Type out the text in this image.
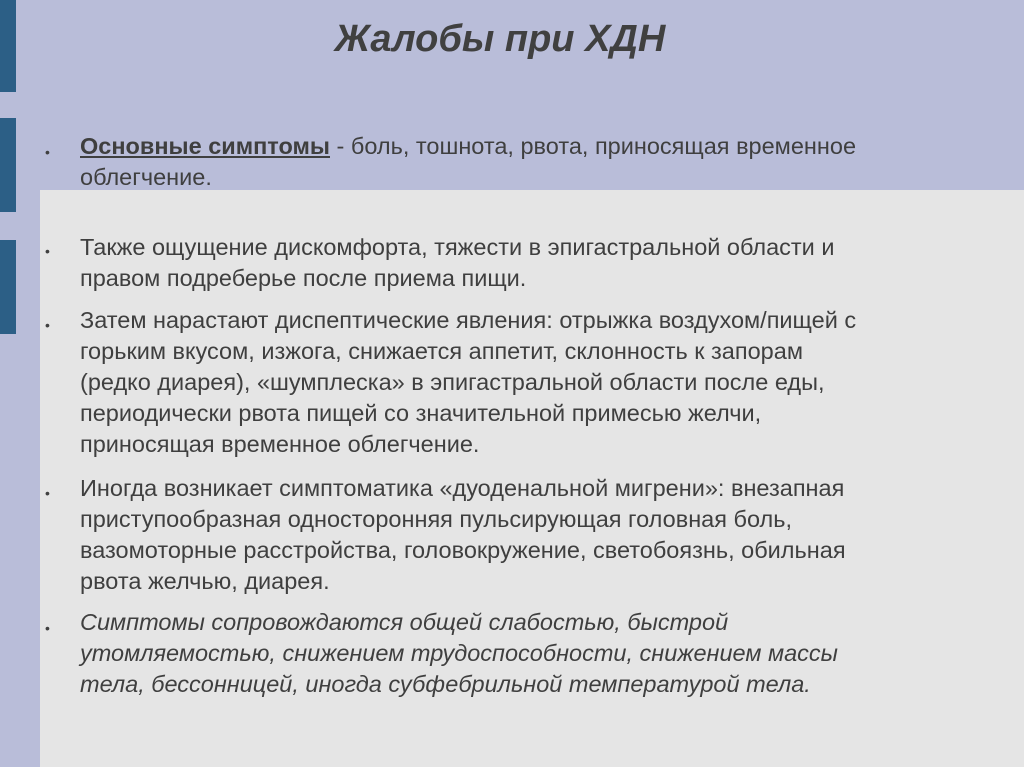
Жалобы при ХДН
• Основные симптомы - боль, тошнота, рвота, приносящая временное
облегчение.
• Также ощущение дискомфорта, тяжести в эпигастральной области и
правом подреберье после приема пищи.
• Затем нарастают диспептические явления: отрыжка воздухом/пищей с
горьким вкусом, изжога, снижается аппетит, склонность к запорам
(редко диарея), «шумплеска» в эпигастральной области после еды,
периодически рвота пищей со значительной примесью желчи,
приносящая временное облегчение.
• Иногда возникает симптоматика «дуоденальной мигрени»: внезапная
приступообразная односторонняя пульсирующая головная боль,
вазомоторные расстройства, головокружение, светобоязнь, обильная
рвота желчью, диарея.
• Симптомы сопровождаются общей слабостью, быстрой
утомляемостью, снижением трудоспособности, снижением массы
тела, бессонницей, иногда субфебрильной температурой тела.
